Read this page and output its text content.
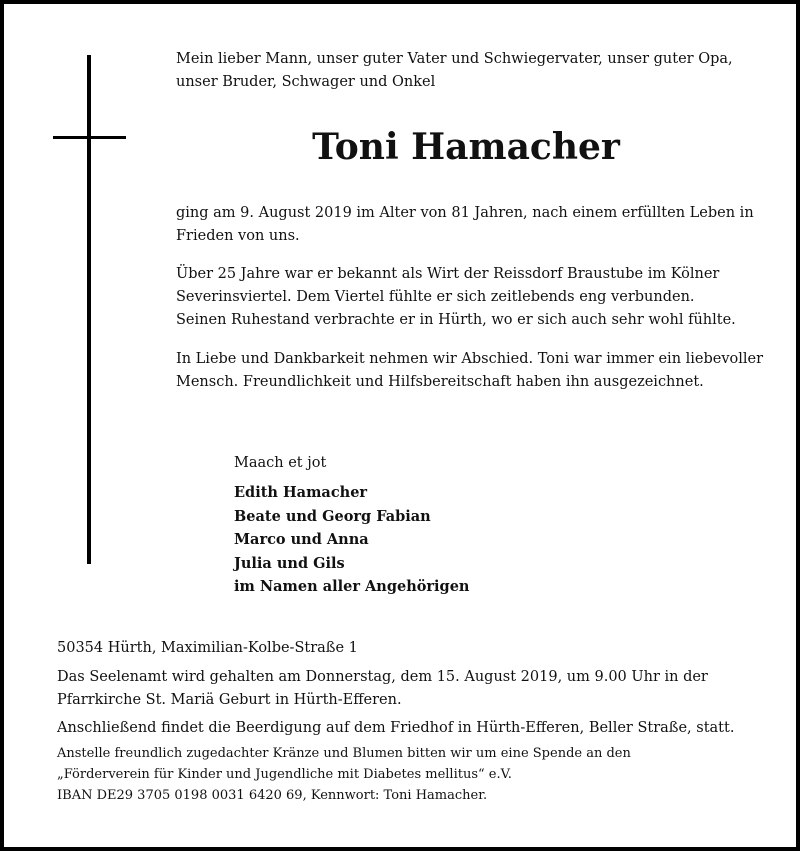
Mein lieber Mann, unser guter Vater und Schwiegervater, unser guter Opa, unser Bruder, Schwager und Onkel

Toni Hamacher

ging am 9. August 2019 im Alter von 81 Jahren, nach einem erfüllten Leben in Frieden von uns.

Über 25 Jahre war er bekannt als Wirt der Reissdorf Braustube im Kölner
Severinsviertel. Dem Viertel fühlte er sich zeitlebends eng verbunden.
Seinen Ruhestand verbrachte er in Hürth, wo er sich auch sehr wohl fühlte.

In Liebe und Dankbarkeit nehmen wir Abschied. Toni war immer ein liebevoller Mensch. Freundlichkeit und Hilfsbereitschaft haben ihn ausgezeichnet.

Maach et jot
Edith Hamacher
Beate und Georg Fabian
Marco und Anna
Julia und Gils
im Namen aller Angehörigen

50354 Hürth, Maximilian-Kolbe-Straße 1

Das Seelenamt wird gehalten am Donnerstag, dem 15. August 2019, um 9.00 Uhr in der Pfarrkirche St. Mariä Geburt in Hürth-Efferen.

Anschließend findet die Beerdigung auf dem Friedhof in Hürth-Efferen, Beller Straße, statt.

Anstelle freundlich zugedachter Kränze und Blumen bitten wir um eine Spende an den
„Förderverein für Kinder und Jugendliche mit Diabetes mellitus“ e.V.
IBAN DE29 3705 0198 0031 6420 69, Kennwort: Toni Hamacher.
